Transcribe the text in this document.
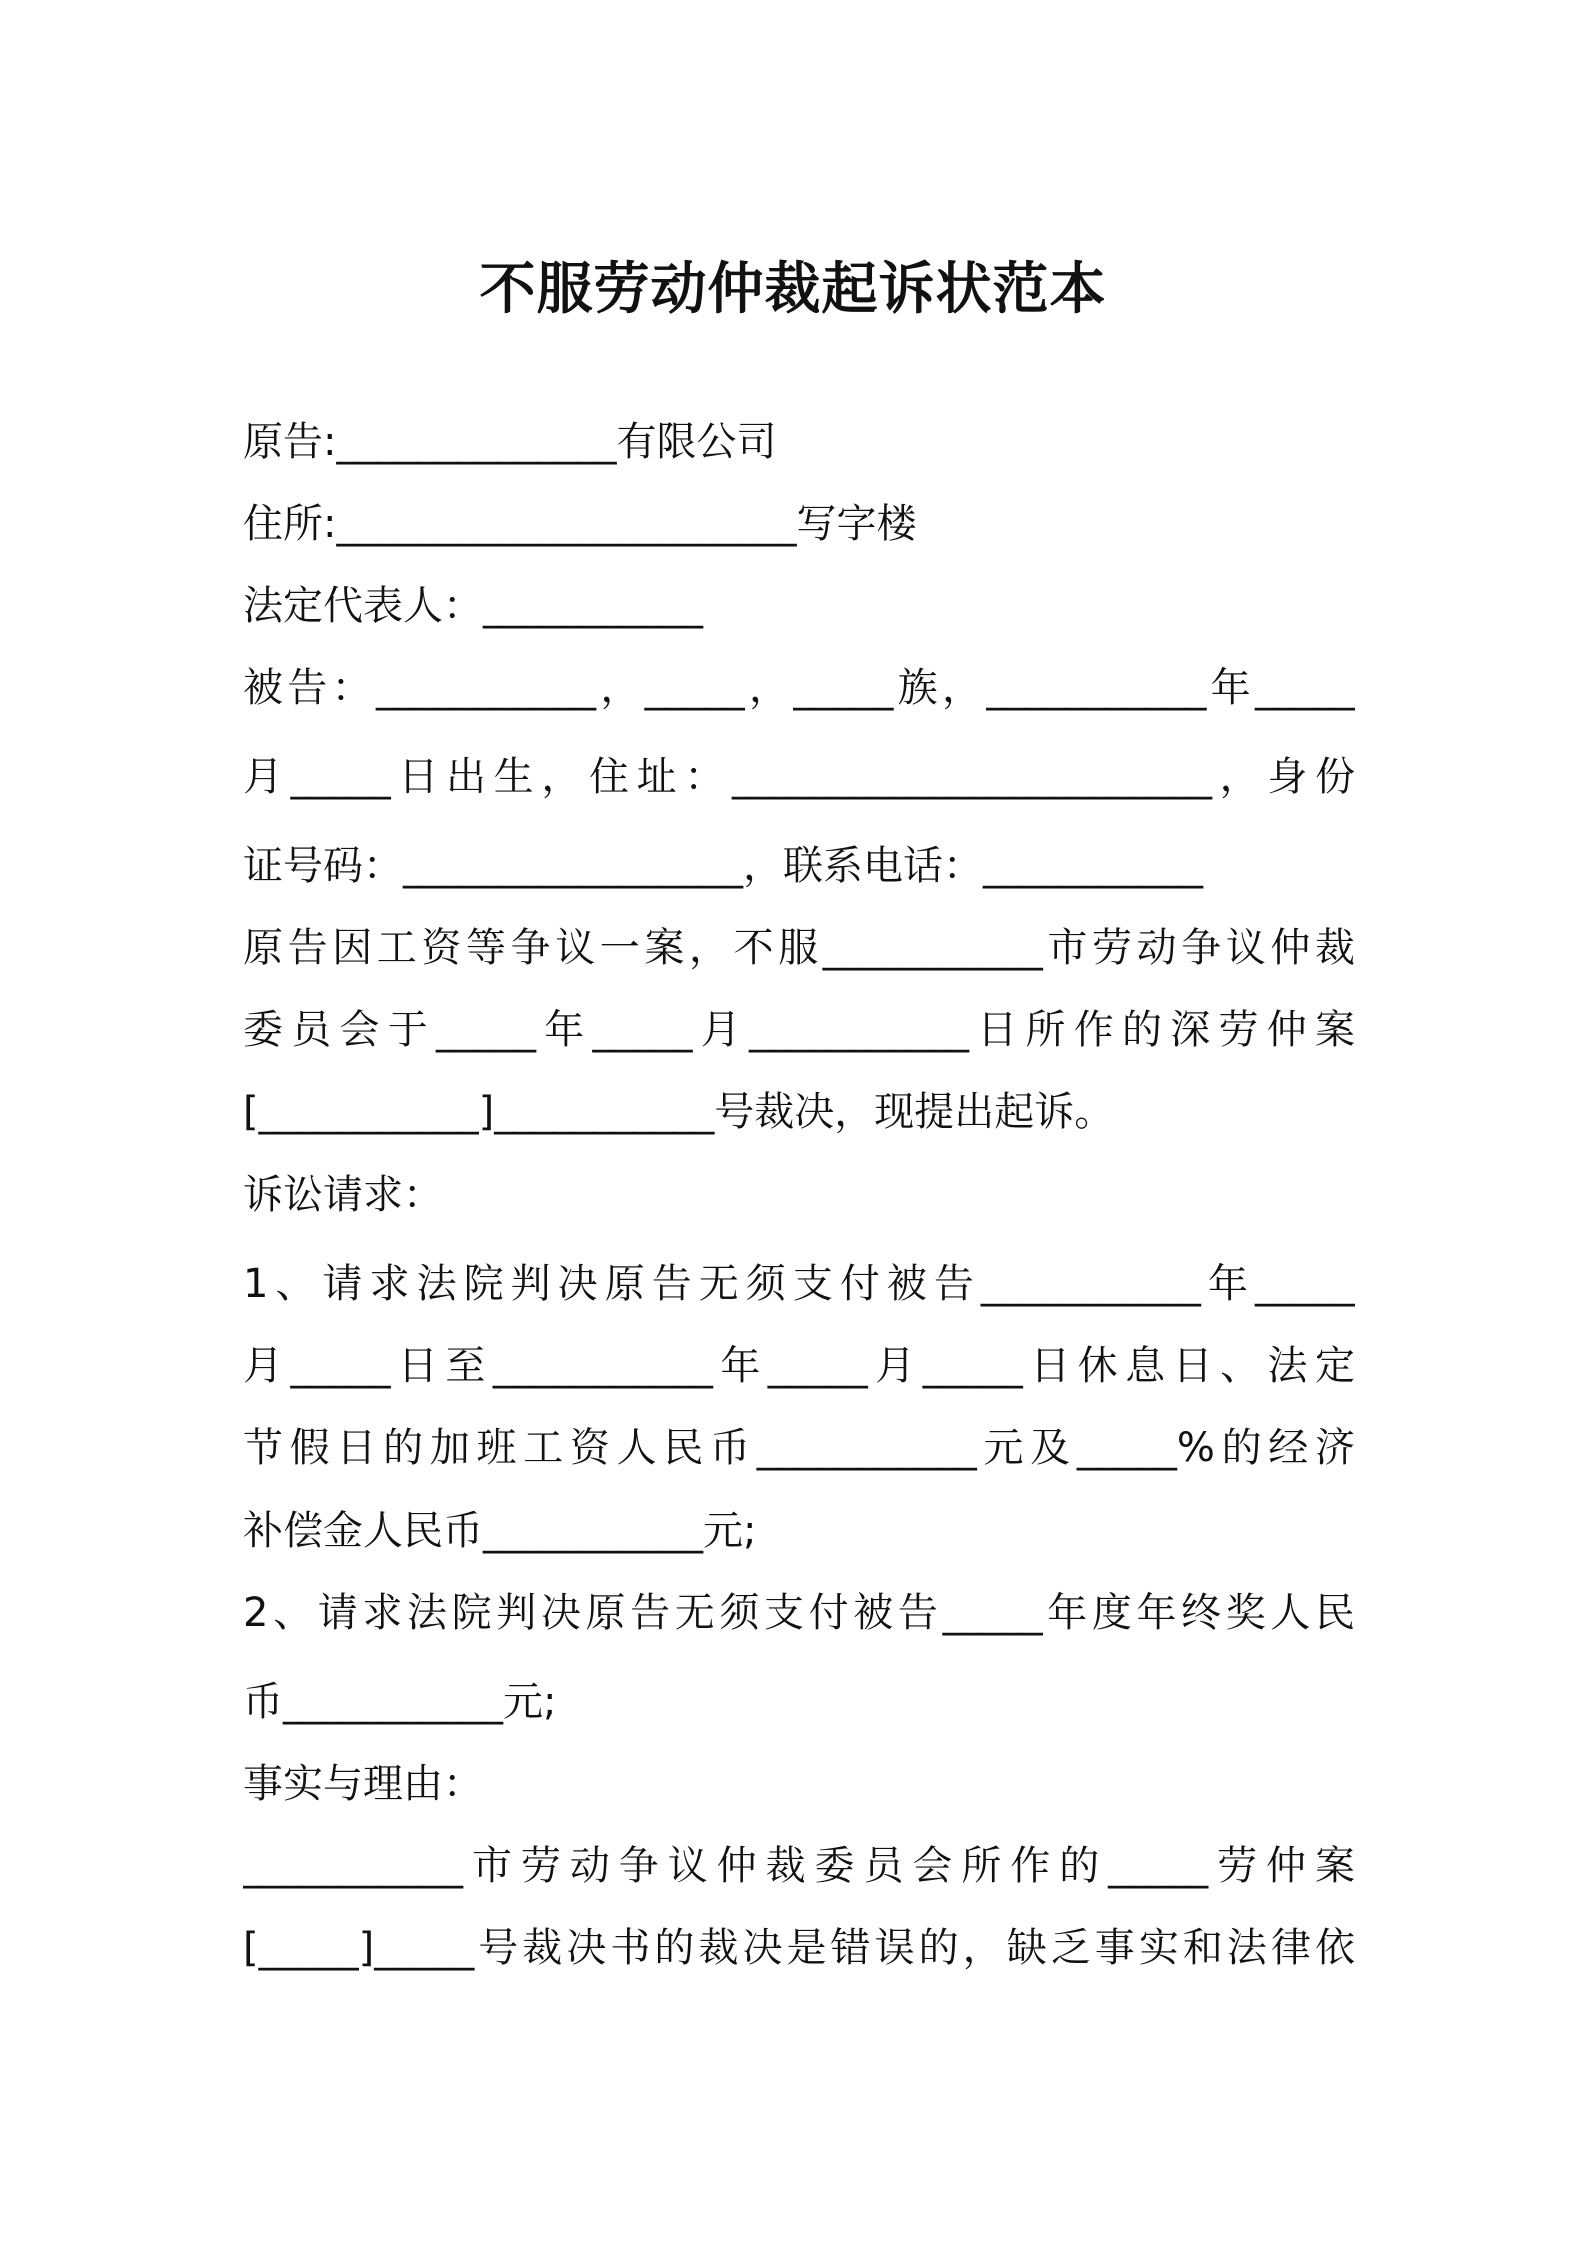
不服劳动仲裁起诉状范本
原告:______________有限公司
住所:_______________________写字楼
法定代表人：___________
被告：___________，_____，_____族，___________年_____
月_____日出生，住址：________________________，身份
证号码：_________________，联系电话：___________
原告因工资等争议一案，不服___________市劳动争议仲裁
委员会于_____年_____月___________日所作的深劳仲案
[___________]___________号裁决，现提出起诉。
诉讼请求：
1、请求法院判决原告无须支付被告___________年_____
月_____日至___________年_____月_____日休息日、法定
节假日的加班工资人民币___________元及_____%的经济
补偿金人民币___________元;
2、请求法院判决原告无须支付被告_____年度年终奖人民
币___________元;
事实与理由：
___________市劳动争议仲裁委员会所作的_____劳仲案
[_____]_____号裁决书的裁决是错误的，缺乏事实和法律依
